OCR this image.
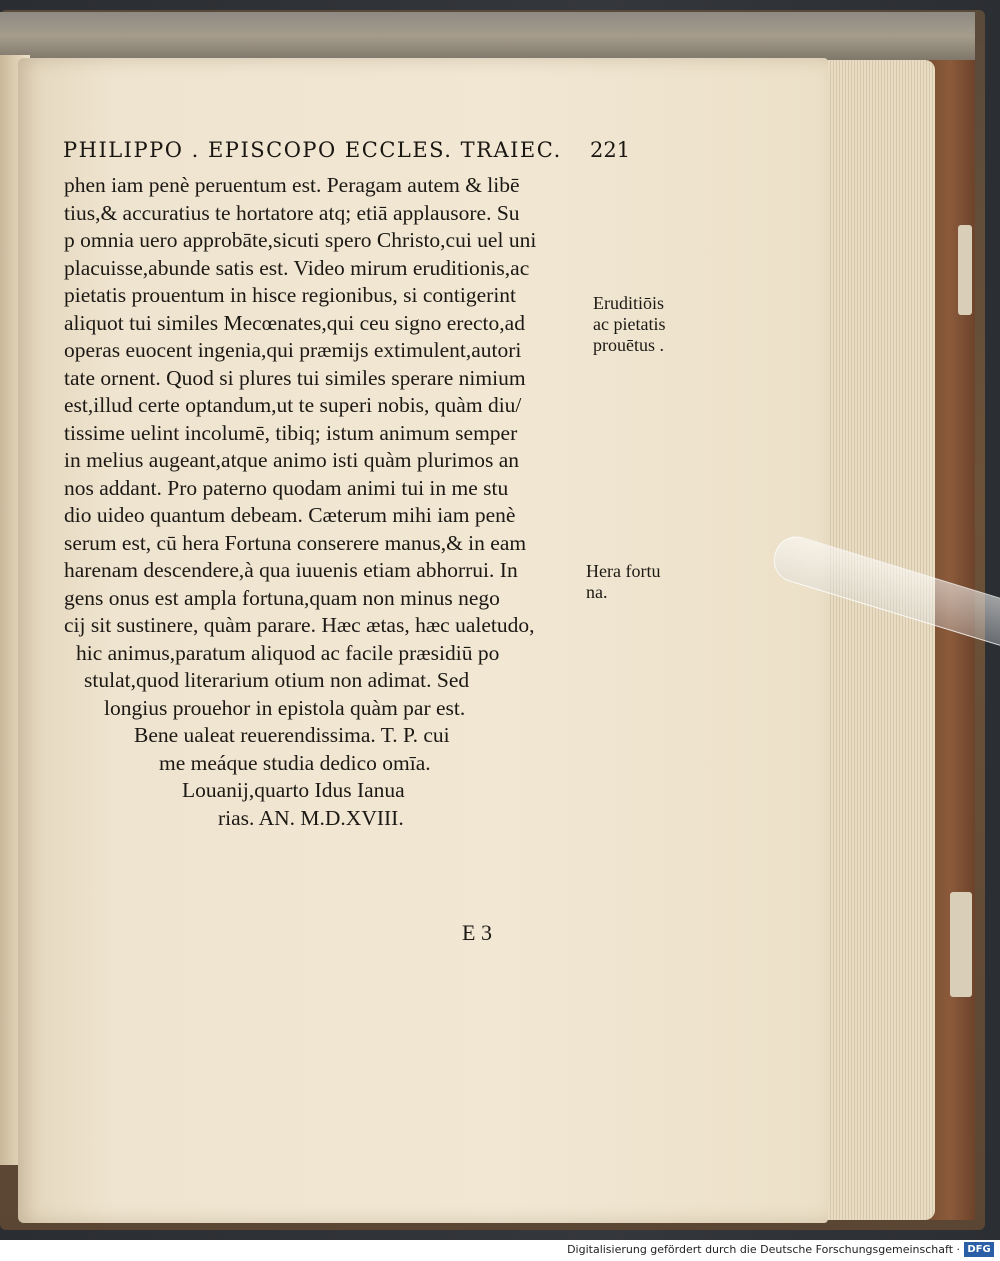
PHILIPPO . EPISCOPO ECCLES. TRAIEC.	221
phen iam penè peruentum est. Peragam autem & libē
tius,& accuratius te hortatore atq; etiā applausore. Su
p omnia uero approbāte,sicuti spero Christo,cui uel uni
placuisse,abunde satis est. Video mirum eruditionis,ac
pietatis prouentum in hisce regionibus, si contigerint
aliquot tui similes Mecœnates,qui ceu signo erecto,ad
operas euocent ingenia,qui præmijs extimulent,autori
tate ornent. Quod si plures tui similes sperare nimium
est,illud certe optandum,ut te superi nobis, quàm diu/
tissime uelint incolumē, tibiq; istum animum semper
in melius augeant,atque animo isti quàm plurimos an
nos addant. Pro paterno quodam animi tui in me stu
dio uideo quantum debeam. Cæterum mihi iam penè
serum est, cū hera Fortuna conserere manus,& in eam
harenam descendere,à qua iuuenis etiam abhorrui. In
gens onus est ampla fortuna,quam non minus nego
cij sit sustinere, quàm parare. Hæc ætas, hæc ualetudo,
hic animus,paratum aliquod ac facile præsidiū po
stulat,quod literarium otium non adimat. Sed
longius prouehor in epistola quàm par est.
Bene ualeat reuerendissima. T. P. cui
me meáque studia dedico omīa.
Louanij,quarto Idus Ianua
rias. AN. M.D.XVIII.
Eruditiōis
ac pietatis
prouētus .
Hera fortu
na.
E 3
Digitalisierung gefördert durch die Deutsche Forschungsgemeinschaft · DFG
